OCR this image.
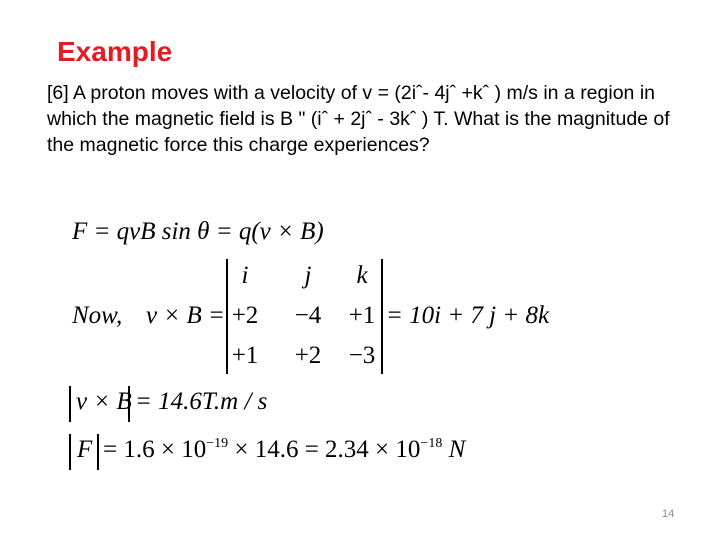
Example

[6] A proton moves with a velocity of v = (2iˆ- 4jˆ +kˆ ) m/s in a region in which the magnetic field is B " (iˆ + 2jˆ - 3kˆ ) T. What is the magnitude of the magnetic force this charge experiences?

F = qvB sin θ = q(v × B)
Now, v × B =
i	j	k
+2	−4	+1
+1	+2	−3
= 10i + 7 j + 8k
v × B = 14.6T.m / s
$F = 1.6 \times 10^{-19} \times 14.6 = 2.34 \times 10^{-18}$ N
14
